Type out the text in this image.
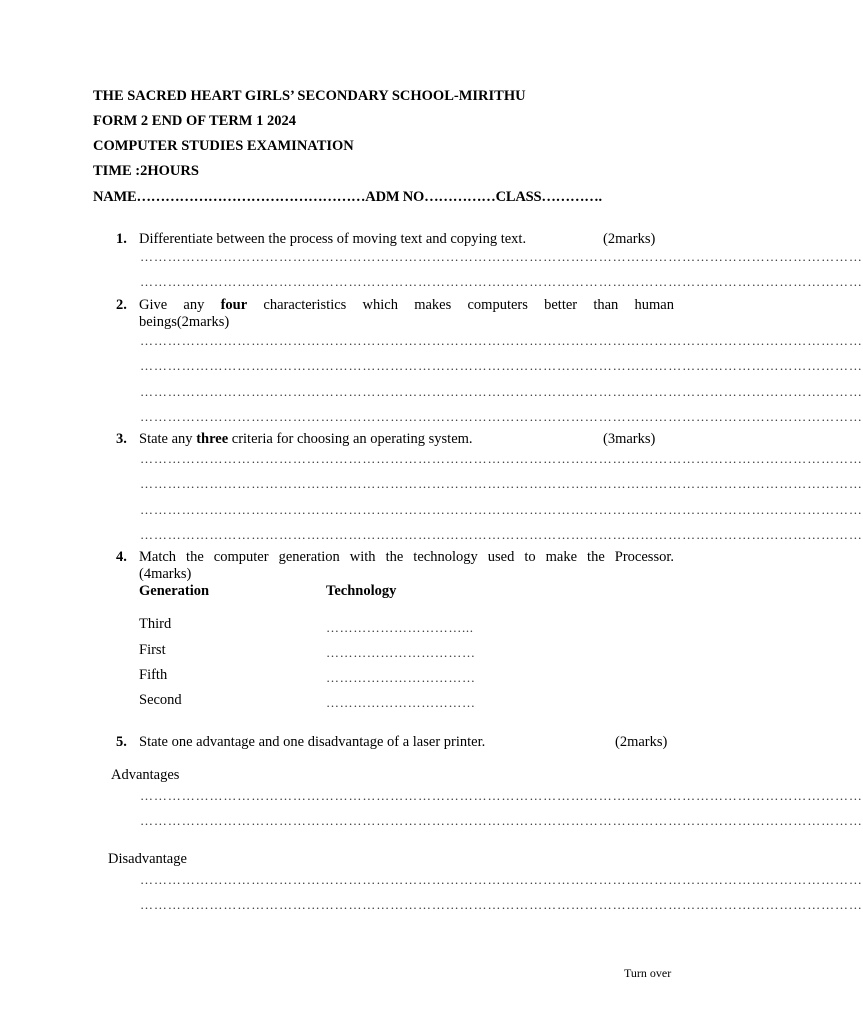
THE SACRED HEART GIRLS’ SECONDARY SCHOOL-MIRITHU
FORM 2 END OF TERM 1 2024
COMPUTER STUDIES EXAMINATION
TIME :2HOURS
NAME…………………………………………ADM NO……………CLASS………….
1. Differentiate between the process of moving text and copying text.	(2marks)
…………………………………………………………………………………………………………………………………………
…………………………………………………………………………………………………………………………………………
2. Give any four characteristics which makes computers better than human
beings(2marks)
…………………………………………………………………………………………………………………………………………
…………………………………………………………………………………………………………………………………………
…………………………………………………………………………………………………………………………………………
…………………………………………………………………………………………………………………………………………
3. State any three criteria for choosing an operating system.	(3marks)
…………………………………………………………………………………………………………………………………………
…………………………………………………………………………………………………………………………………………
…………………………………………………………………………………………………………………………………………
…………………………………………………………………………………………………………………………………………
4. Match the computer generation with the technology used to make the Processor.
(4marks)
Generation	Technology
Third	…………………………...
First	……………………………
Fifth	……………………………
Second	……………………………
5. State one advantage and one disadvantage of a laser printer.	(2marks)
Advantages
…………………………………………………………………………………………………………………………………………
…………………………………………………………………………………………………………………………………………
Disadvantage
…………………………………………………………………………………………………………………………………………
…………………………………………………………………………………………………………………………………………
Turn over
